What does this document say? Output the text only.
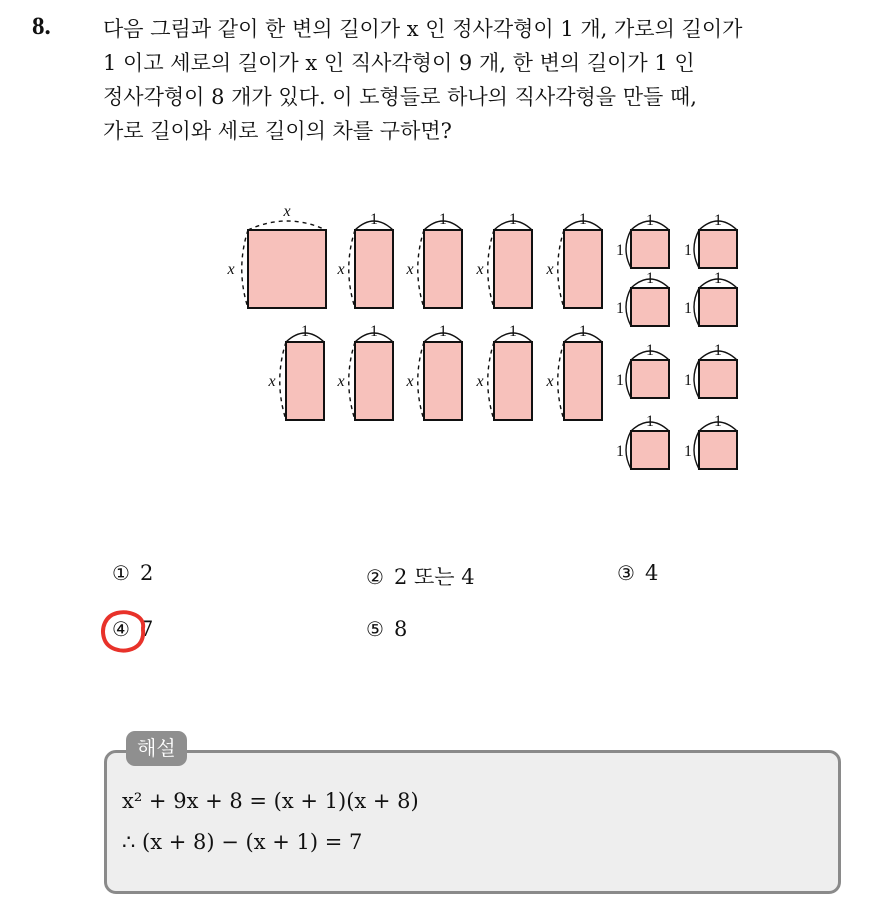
8. 다음 그림과 같이 한 변의 길이가 x 인 정사각형이 1 개, 가로의 길이가

1 이고 세로의 길이가 x 인 직사각형이 9 개, 한 변의 길이가 1 인

정사각형이 8 개가 있다. 이 도형들로 하나의 직사각형을 만들 때,

가로 길이와 세로 길이의 차를 구하면?

x
x
1
x
1
x
1
x
1
x
1
x
1
x
1
x
1
x
1
x
1
1
1
1
1
1
1
1
1
1
1
1
1
1
1
1
① 2	② 2 또는 4	③ 4
④ 7	⑤ 8
해설
x² + 9x + 8 = (x + 1)(x + 8)
∴ (x + 8) − (x + 1) = 7
